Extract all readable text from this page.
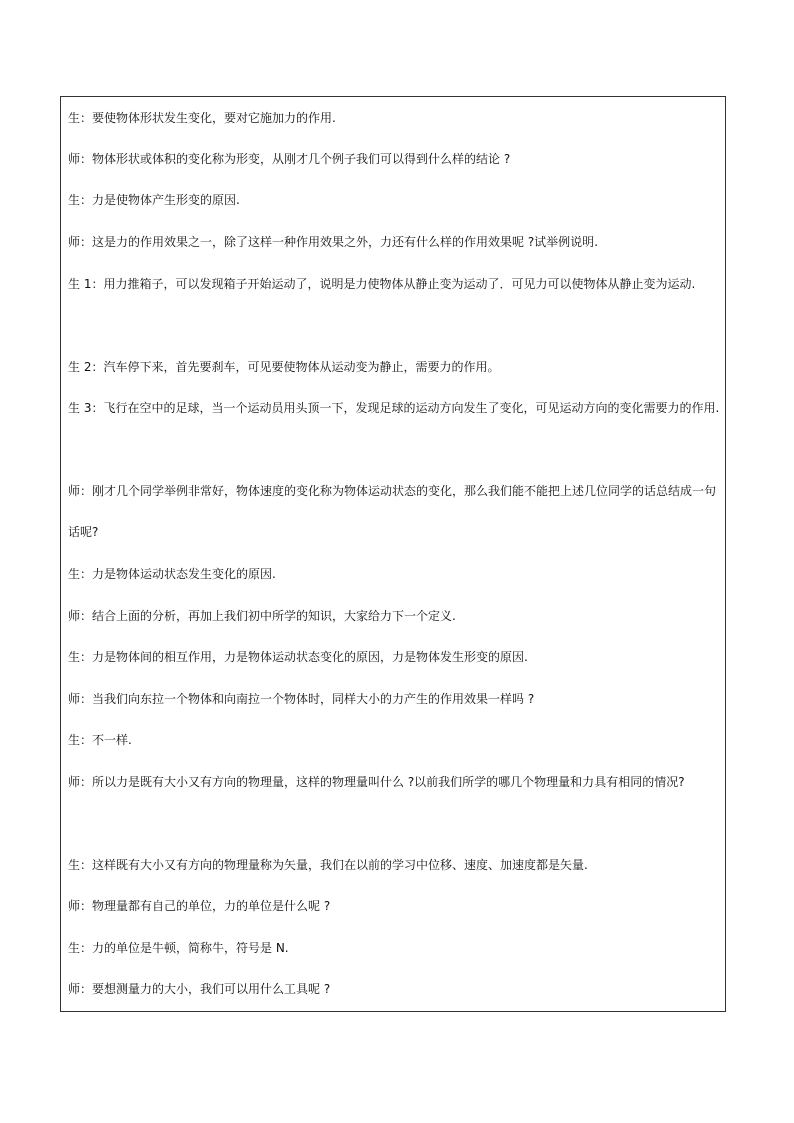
生：要使物体形状发生变化，要对它施加力的作用.

师：物体形状或体积的变化称为形变，从刚才几个例子我们可以得到什么样的结论 ?

生：力是使物体产生形变的原因.

师：这是力的作用效果之一，除了这样一种作用效果之外，力还有什么样的作用效果呢 ?试举例说明.

生 1：用力推箱子，可以发现箱子开始运动了，说明是力使物体从静止变为运动了．可见力可以使物体从静止变为运动.

生 2：汽车停下来，首先要刹车，可见要使物体从运动变为静止，需要力的作用。

生 3：飞行在空中的足球，当一个运动员用头顶一下，发现足球的运动方向发生了变化，可见运动方向的变化需要力的作用.

师：刚才几个同学举例非常好，物体速度的变化称为物体运动状态的变化，那么我们能不能把上述几位同学的话总结成一句话呢?

生：力是物体运动状态发生变化的原因.

师：结合上面的分析，再加上我们初中所学的知识，大家给力下一个定义.

生：力是物体间的相互作用，力是物体运动状态变化的原因，力是物体发生形变的原因.

师：当我们向东拉一个物体和向南拉一个物体时，同样大小的力产生的作用效果一样吗 ?

生：不一样.

师：所以力是既有大小又有方向的物理量，这样的物理量叫什么 ?以前我们所学的哪几个物理量和力具有相同的情况?

生：这样既有大小又有方向的物理量称为矢量，我们在以前的学习中位移、速度、加速度都是矢量.

师：物理量都有自己的单位，力的单位是什么呢 ?

生：力的单位是牛顿，简称牛，符号是 N.

师：要想测量力的大小，我们可以用什么工具呢 ?
